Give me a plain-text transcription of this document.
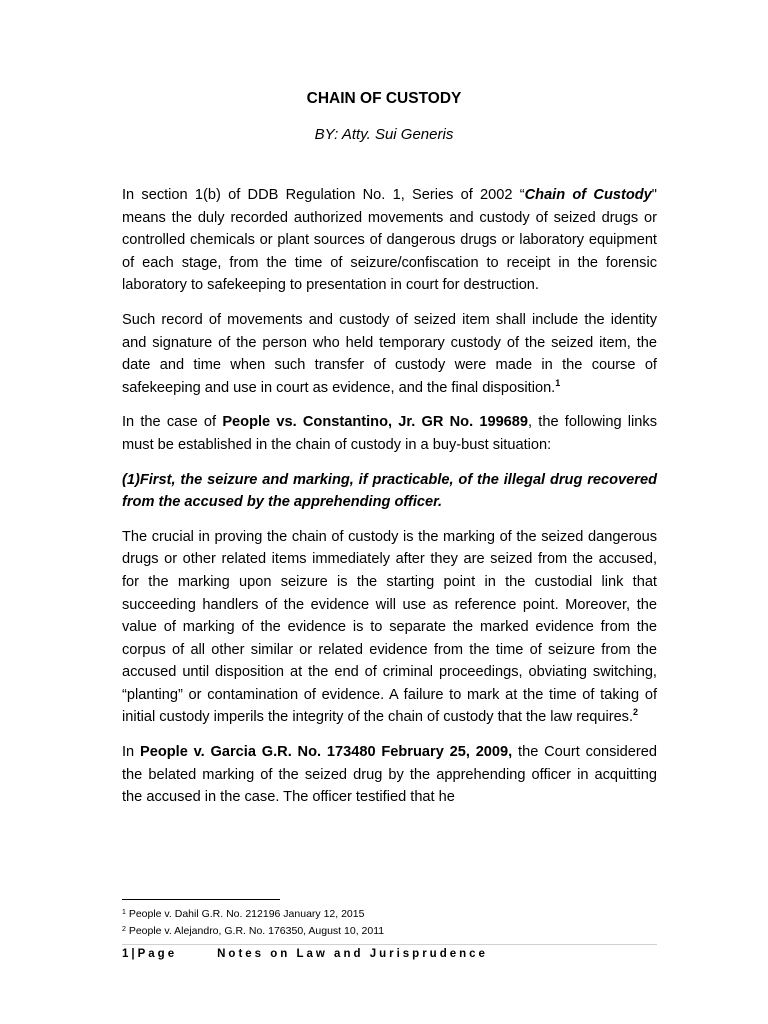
CHAIN OF CUSTODY
BY: Atty. Sui Generis

In section 1(b) of DDB Regulation No. 1, Series of 2002 “Chain of Custody" means the duly recorded authorized movements and custody of seized drugs or controlled chemicals or plant sources of dangerous drugs or laboratory equipment of each stage, from the time of seizure/confiscation to receipt in the forensic laboratory to safekeeping to presentation in court for destruction.

Such record of movements and custody of seized item shall include the identity and signature of the person who held temporary custody of the seized item, the date and time when such transfer of custody were made in the course of safekeeping and use in court as evidence, and the final disposition.$^1$

In the case of People vs. Constantino, Jr. GR No. 199689, the following links must be established in the chain of custody in a buy-bust situation:

(1)First, the seizure and marking, if practicable, of the illegal drug recovered from the accused by the apprehending officer.

The crucial in proving the chain of custody is the marking of the seized dangerous drugs or other related items immediately after they are seized from the accused, for the marking upon seizure is the starting point in the custodial link that succeeding handlers of the evidence will use as reference point. Moreover, the value of marking of the evidence is to separate the marked evidence from the corpus of all other similar or related evidence from the time of seizure from the accused until disposition at the end of criminal proceedings, obviating switching, “planting” or contamination of evidence. A failure to mark at the time of taking of initial custody imperils the integrity of the chain of custody that the law requires.$^2$

In People v. Garcia G.R. No. 173480 February 25, 2009, the Court considered the belated marking of the seized drug by the apprehending officer in acquitting the accused in the case. The officer testified that he

$^1$ People v. Dahil G.R. No. 212196 January 12, 2015
$^2$ People v. Alejandro, G.R. No. 176350, August 10, 2011
1|Page	Notes on Law and Jurisprudence
